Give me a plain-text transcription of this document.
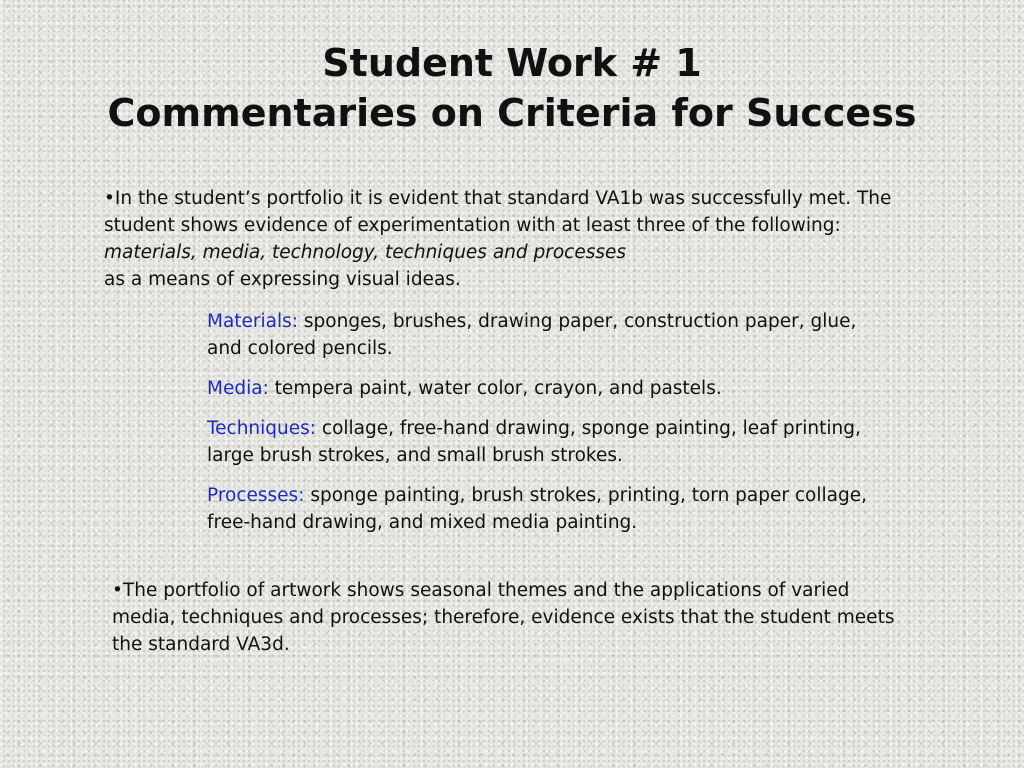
Student Work # 1
Commentaries on Criteria for Success
•In the student’s portfolio it is evident that standard VA1b was successfully met. The student shows evidence of experimentation with at least three of the following: materials, media, technology, techniques and processes
as a means of expressing visual ideas.
Materials: sponges, brushes, drawing paper, construction paper, glue, and colored pencils.
Media: tempera paint, water color, crayon, and pastels.
Techniques: collage, free-hand drawing, sponge painting, leaf printing, large brush strokes, and small brush strokes.
Processes: sponge painting, brush strokes, printing, torn paper collage, free-hand drawing, and mixed media painting.
•The portfolio of artwork shows seasonal themes and the applications of varied media, techniques and processes; therefore, evidence exists that the student meets the standard VA3d.
